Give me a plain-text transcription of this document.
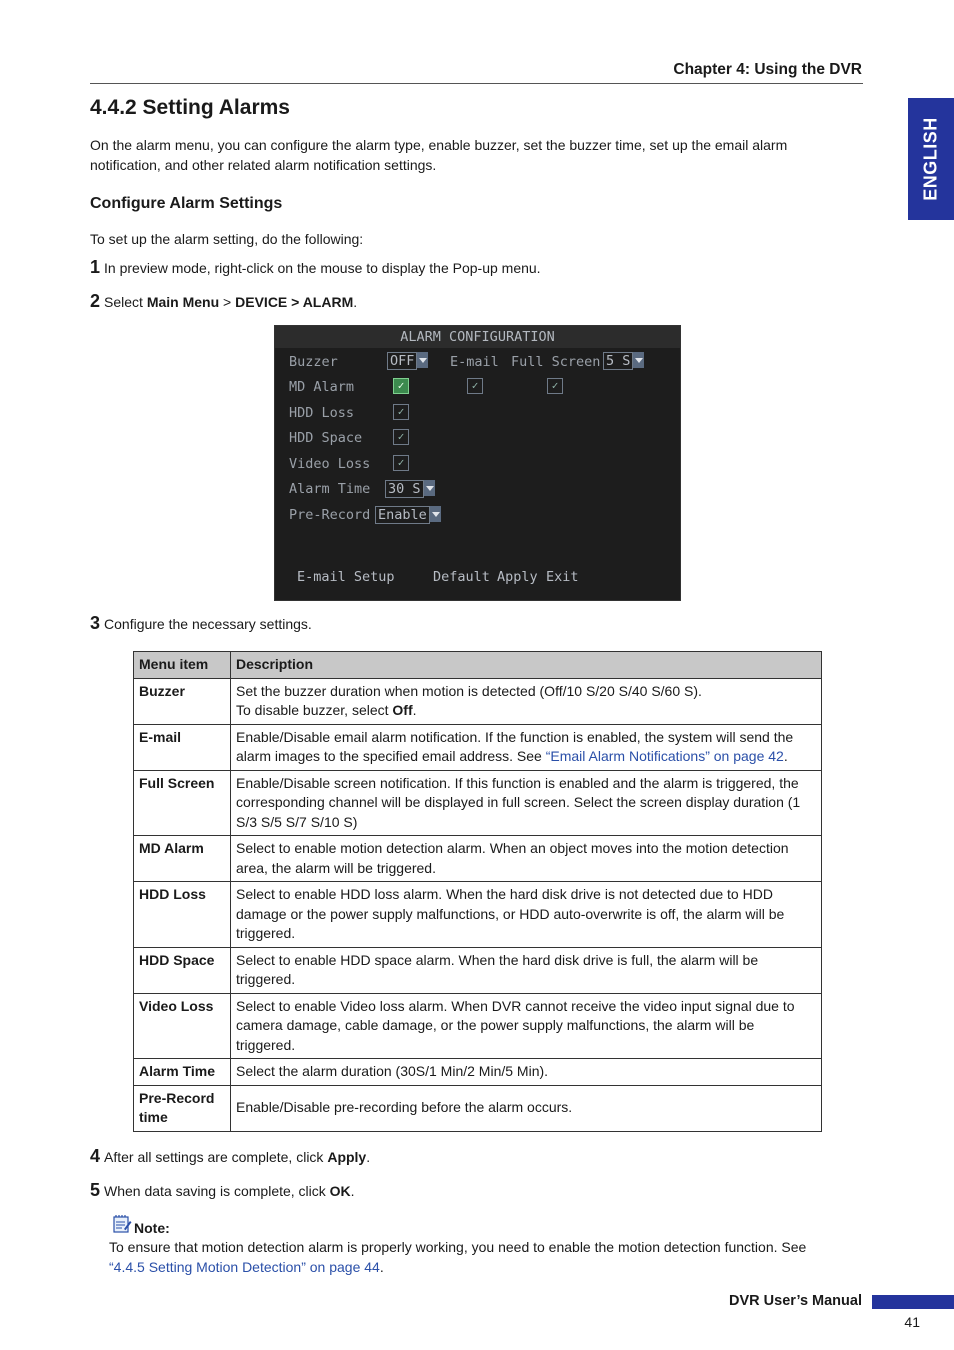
Chapter 4: Using the DVR
ENGLISH
4.4.2 Setting Alarms
On the alarm menu, you can configure the alarm type, enable buzzer, set the buzzer time, set up the email alarm
notification, and other related alarm notification settings.
Configure Alarm Settings
To set up the alarm setting, do the following:
1 In preview mode, right-click on the mouse to display the Pop-up menu.
2 Select Main Menu > DEVICE > ALARM.
ALARM CONFIGURATION
Buzzer	OFF	E-mail Full Screen 5 S
MD Alarm	✓	✓	✓
HDD Loss	✓
HDD Space	✓
Video Loss	✓
Alarm Time 30 S
Pre-Record Enable
E-mail Setup	Default Apply Exit
3 Configure the necessary settings.
Menu item	Description
Buzzer	Set the buzzer duration when motion is detected (Off/10 S/20 S/40 S/60 S).
To disable buzzer, select Off.
E-mail	Enable/Disable email alarm notification. If the function is enabled, the system will send the alarm images to the specified email address. See “Email Alarm Notifications” on page 42.
Full Screen	Enable/Disable screen notification. If this function is enabled and the alarm is triggered, the corresponding channel will be displayed in full screen. Select the screen display duration (1 S/3 S/5 S/7 S/10 S)
MD Alarm	Select to enable motion detection alarm. When an object moves into the motion detection area, the alarm will be triggered.
HDD Loss	Select to enable HDD loss alarm. When the hard disk drive is not detected due to HDD damage or the power supply malfunctions, or HDD auto-overwrite is off, the alarm will be triggered.
HDD Space	Select to enable HDD space alarm. When the hard disk drive is full, the alarm will be triggered.
Video Loss	Select to enable Video loss alarm. When DVR cannot receive the video input signal due to camera damage, cable damage, or the power supply malfunctions, the alarm will be triggered.
Alarm Time	Select the alarm duration (30S/1 Min/2 Min/5 Min).

Pre-Record
time	Enable/Disable pre-recording before the alarm occurs.
4 After all settings are complete, click Apply.
5 When data saving is complete, click OK.
Note:
To ensure that motion detection alarm is properly working, you need to enable the motion detection function. See
“4.4.5 Setting Motion Detection” on page 44.
DVR User’s Manual
41
